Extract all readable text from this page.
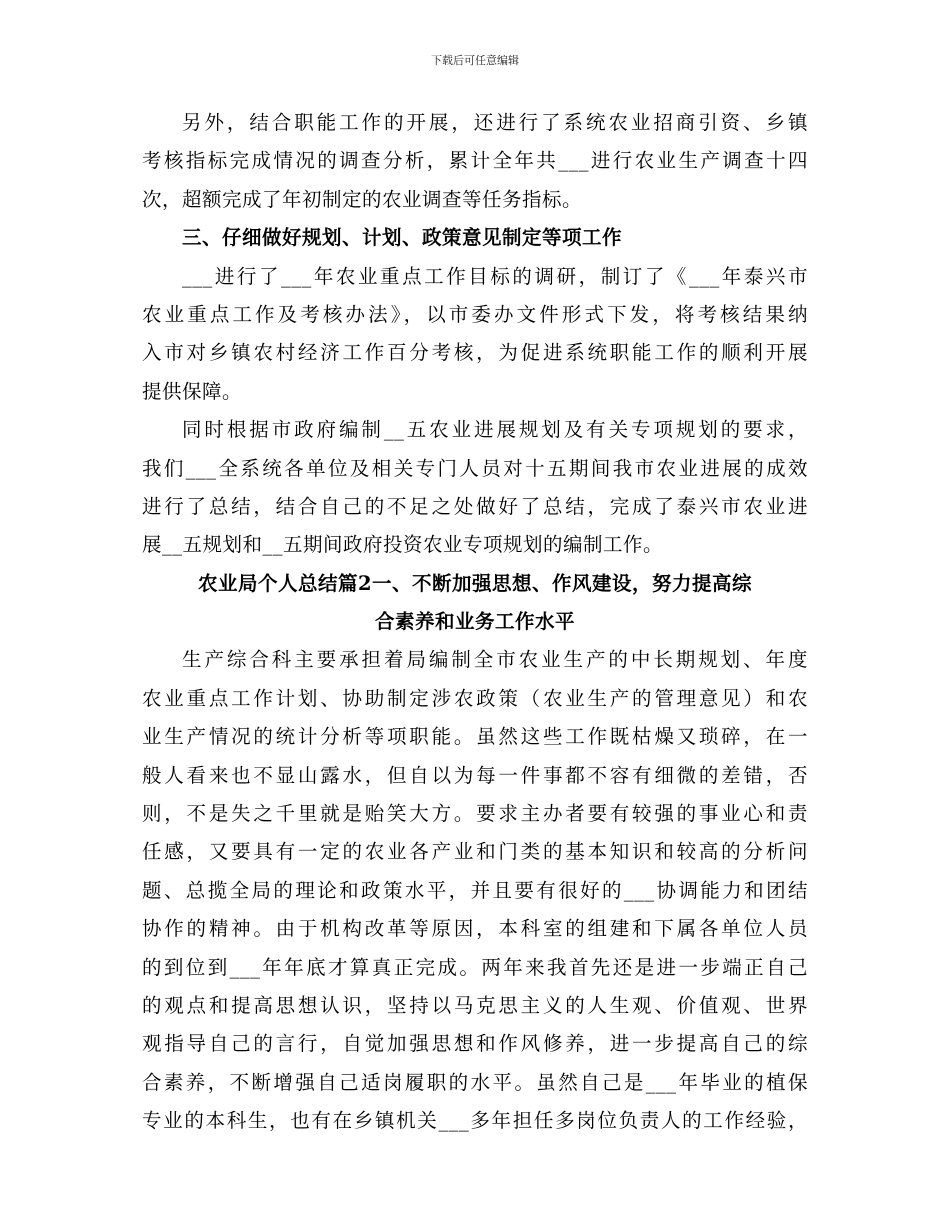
下载后可任意编辑
另外，结合职能工作的开展，还进行了系统农业招商引资、乡镇
考核指标完成情况的调查分析，累计全年共___进行农业生产调查十四
次，超额完成了年初制定的农业调查等任务指标。
三、仔细做好规划、计划、政策意见制定等项工作
___进行了___年农业重点工作目标的调研，制订了《___年泰兴市
农业重点工作及考核办法》，以市委办文件形式下发，将考核结果纳
入市对乡镇农村经济工作百分考核，为促进系统职能工作的顺利开展
提供保障。
同时根据市政府编制__五农业进展规划及有关专项规划的要求，
我们___全系统各单位及相关专门人员对十五期间我市农业进展的成效
进行了总结，结合自己的不足之处做好了总结，完成了泰兴市农业进
展__五规划和__五期间政府投资农业专项规划的编制工作。
农业局个人总结篇2一、不断加强思想、作风建设，努力提高综
合素养和业务工作水平
生产综合科主要承担着局编制全市农业生产的中长期规划、年度
农业重点工作计划、协助制定涉农政策（农业生产的管理意见）和农
业生产情况的统计分析等项职能。虽然这些工作既枯燥又琐碎，在一
般人看来也不显山露水，但自以为每一件事都不容有细微的差错，否
则，不是失之千里就是贻笑大方。要求主办者要有较强的事业心和责
任感，又要具有一定的农业各产业和门类的基本知识和较高的分析问
题、总揽全局的理论和政策水平，并且要有很好的___协调能力和团结
协作的精神。由于机构改革等原因，本科室的组建和下属各单位人员
的到位到___年年底才算真正完成。两年来我首先还是进一步端正自己
的观点和提高思想认识，坚持以马克思主义的人生观、价值观、世界
观指导自己的言行，自觉加强思想和作风修养，进一步提高自己的综
合素养，不断增强自己适岗履职的水平。虽然自己是___年毕业的植保
专业的本科生，也有在乡镇机关___多年担任多岗位负责人的工作经验，
